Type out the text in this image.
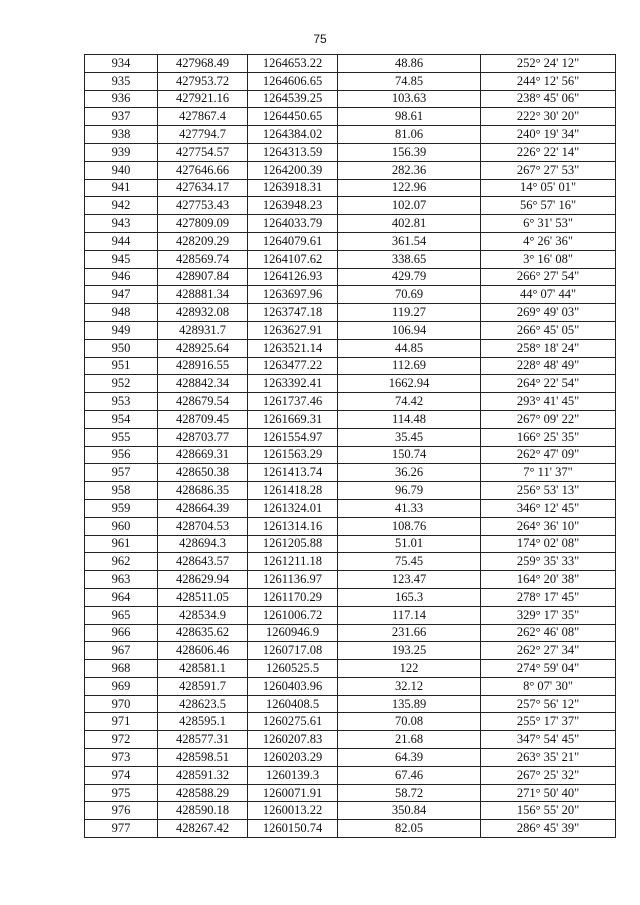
75
934	427968.49	1264653.22	48.86	252° 24' 12"
935	427953.72	1264606.65	74.85	244° 12' 56"
936	427921.16	1264539.25	103.63	238° 45' 06"
937	427867.4	1264450.65	98.61	222° 30' 20"
938	427794.7	1264384.02	81.06	240° 19' 34"
939	427754.57	1264313.59	156.39	226° 22' 14"
940	427646.66	1264200.39	282.36	267° 27' 53"
941	427634.17	1263918.31	122.96	14° 05' 01"
942	427753.43	1263948.23	102.07	56° 57' 16"
943	427809.09	1264033.79	402.81	6° 31' 53"
944	428209.29	1264079.61	361.54	4° 26' 36"
945	428569.74	1264107.62	338.65	3° 16' 08"
946	428907.84	1264126.93	429.79	266° 27' 54"
947	428881.34	1263697.96	70.69	44° 07' 44"
948	428932.08	1263747.18	119.27	269° 49' 03"
949	428931.7	1263627.91	106.94	266° 45' 05"
950	428925.64	1263521.14	44.85	258° 18' 24"
951	428916.55	1263477.22	112.69	228° 48' 49"
952	428842.34	1263392.41	1662.94	264° 22' 54"
953	428679.54	1261737.46	74.42	293° 41' 45"
954	428709.45	1261669.31	114.48	267° 09' 22"
955	428703.77	1261554.97	35.45	166° 25' 35"
956	428669.31	1261563.29	150.74	262° 47' 09"
957	428650.38	1261413.74	36.26	7° 11' 37"
958	428686.35	1261418.28	96.79	256° 53' 13"
959	428664.39	1261324.01	41.33	346° 12' 45"
960	428704.53	1261314.16	108.76	264° 36' 10"
961	428694.3	1261205.88	51.01	174° 02' 08"
962	428643.57	1261211.18	75.45	259° 35' 33"
963	428629.94	1261136.97	123.47	164° 20' 38"
964	428511.05	1261170.29	165.3	278° 17' 45"
965	428534.9	1261006.72	117.14	329° 17' 35"
966	428635.62	1260946.9	231.66	262° 46' 08"
967	428606.46	1260717.08	193.25	262° 27' 34"
968	428581.1	1260525.5	122	274° 59' 04"
969	428591.7	1260403.96	32.12	8° 07' 30"
970	428623.5	1260408.5	135.89	257° 56' 12"
971	428595.1	1260275.61	70.08	255° 17' 37"
972	428577.31	1260207.83	21.68	347° 54' 45"
973	428598.51	1260203.29	64.39	263° 35' 21"
974	428591.32	1260139.3	67.46	267° 25' 32"
975	428588.29	1260071.91	58.72	271° 50' 40"
976	428590.18	1260013.22	350.84	156° 55' 20"
977	428267.42	1260150.74	82.05	286° 45' 39"
